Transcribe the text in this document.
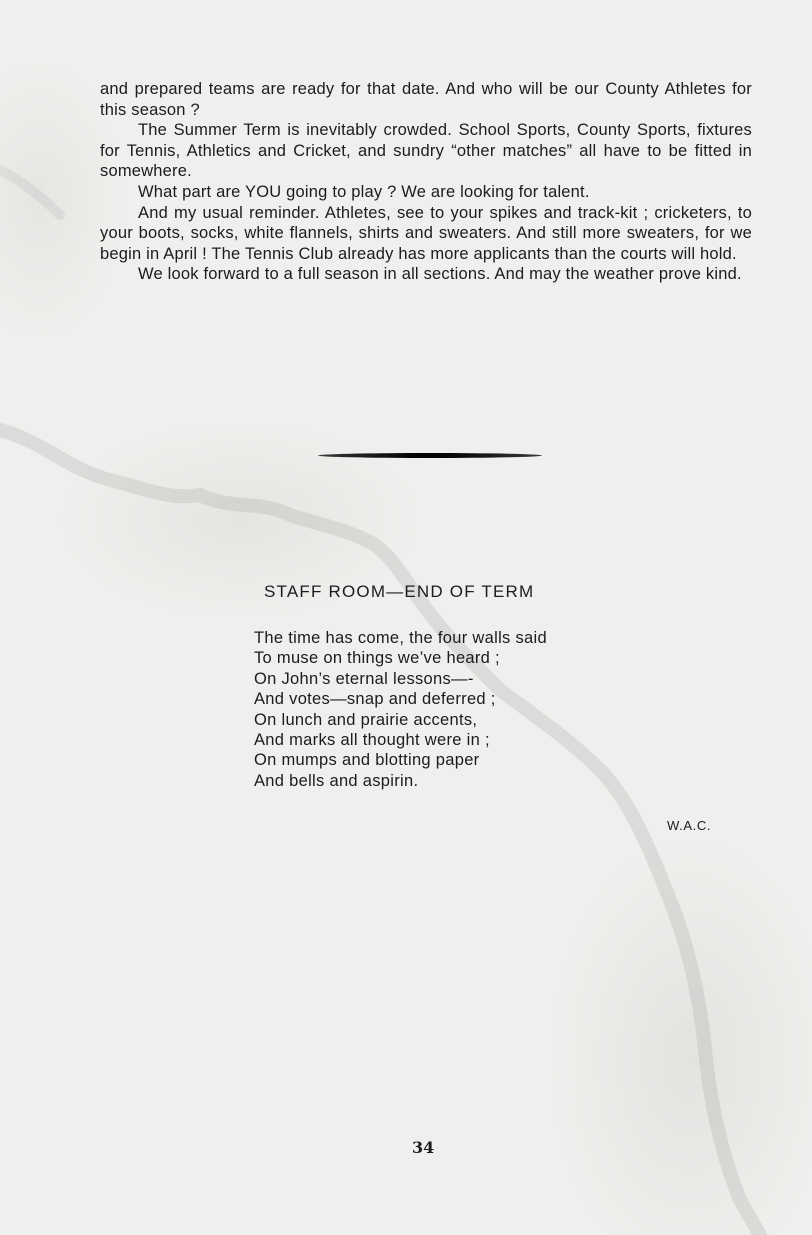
and prepared teams are ready for that date. And who will be our County Athletes for this season ?

The Summer Term is inevitably crowded. School Sports, County Sports, fixtures for Tennis, Athletics and Cricket, and sundry “other matches” all have to be fitted in somewhere.

What part are YOU going to play ? We are looking for talent.

And my usual reminder. Athletes, see to your spikes and track-kit ; cricketers, to your boots, socks, white flannels, shirts and sweaters. And still more sweaters, for we begin in April ! The Tennis Club already has more applicants than the courts will hold.

We look forward to a full season in all sections. And may the weather prove kind.

STAFF ROOM—END OF TERM
The time has come, the four walls said
To muse on things we’ve heard ;
On John’s eternal lessons—-
And votes—snap and deferred ;
On lunch and prairie accents,
And marks all thought were in ;
On mumps and blotting paper
And bells and aspirin.
W.A.C.
34
